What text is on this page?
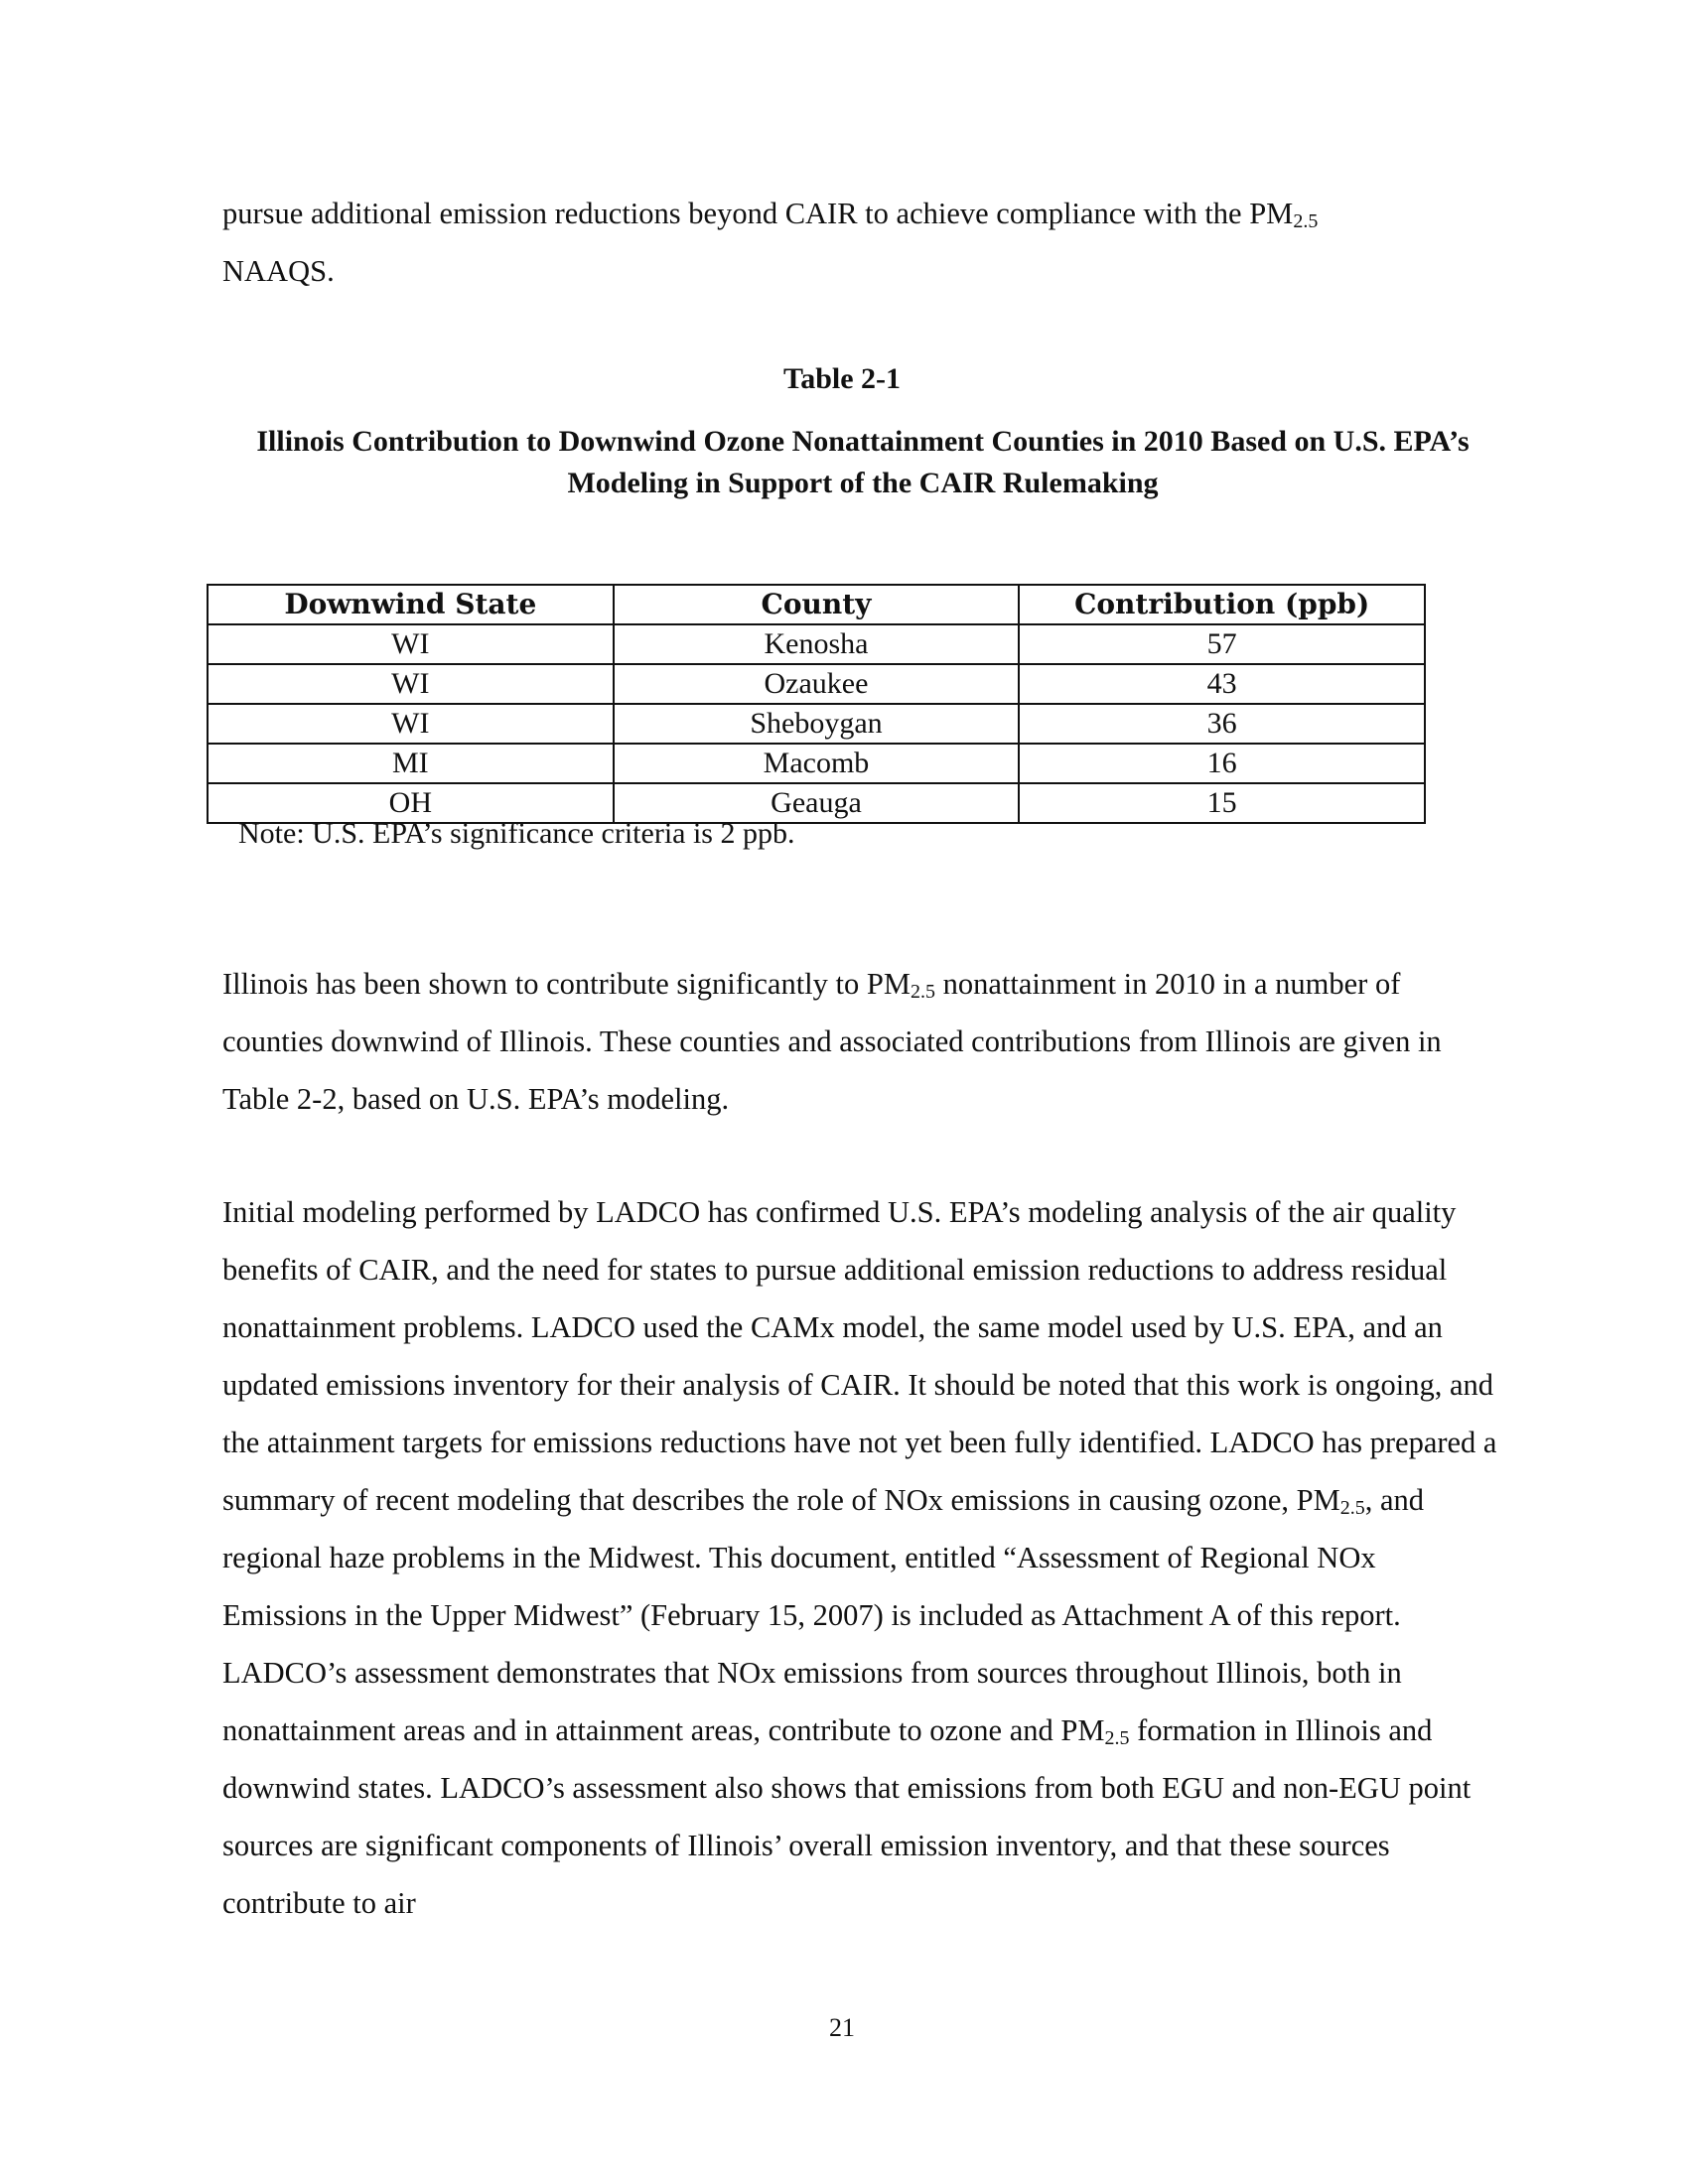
pursue additional emission reductions beyond CAIR to achieve compliance with the $PM_{2.5}$
NAAQS.

Table 2-1
Illinois Contribution to Downwind Ozone Nonattainment Counties in 2010 Based on U.S. EPA’s Modeling in Support of the CAIR Rulemaking
Downwind State	County	Contribution (ppb)
WI	Kenosha	57
WI	Ozaukee	43
WI	Sheboygan	36
MI	Macomb	16
OH	Geauga	15
Note: U.S. EPA’s significance criteria is 2 ppb.

Illinois has been shown to contribute significantly to $PM_{2.5}$ nonattainment in 2010 in a number of counties downwind of Illinois. These counties and associated contributions from Illinois are given in Table 2-2, based on U.S. EPA’s modeling.

Initial modeling performed by LADCO has confirmed U.S. EPA’s modeling analysis of the air quality benefits of CAIR, and the need for states to pursue additional emission reductions to address residual nonattainment problems. LADCO used the CAMx model, the same model used by U.S. EPA, and an updated emissions inventory for their analysis of CAIR. It should be noted that this work is ongoing, and the attainment targets for emissions reductions have not yet been fully identified. LADCO has prepared a summary of recent modeling that describes the role of NOx emissions in causing ozone, $PM_{2.5}$, and regional haze problems in the Midwest. This document, entitled “Assessment of Regional NOx Emissions in the Upper Midwest” (February 15, 2007) is included as Attachment A of this report. LADCO’s assessment demonstrates that NOx emissions from sources throughout Illinois, both in nonattainment areas and in attainment areas, contribute to ozone and $PM_{2.5}$ formation in Illinois and downwind states. LADCO’s assessment also shows that emissions from both EGU and non-EGU point sources are significant components of Illinois’ overall emission inventory, and that these sources contribute to air

21
